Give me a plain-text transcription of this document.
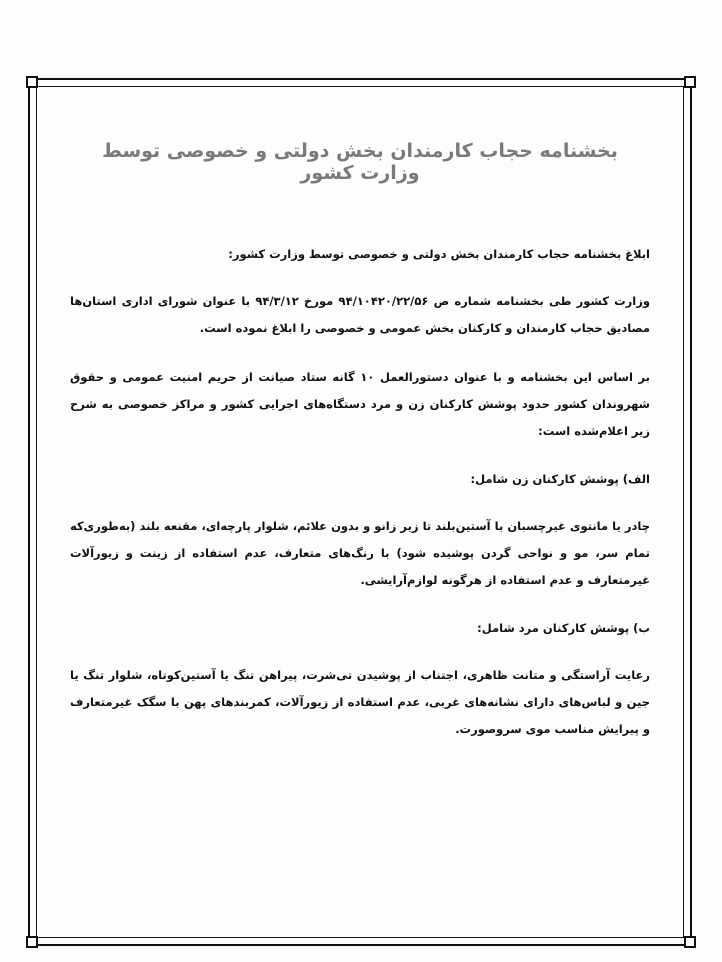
بخشنامه حجاب کارمندان بخش دولتی و خصوصی توسط وزارت کشور
ابلاغ بخشنامه حجاب کارمندان بخش دولتی و خصوصی توسط وزارت کشور:
وزارت کشور طی بخشنامه شماره ص ۹۴/۱۰۴۲۰/۲۲/۵۶ مورخ ۹۴/۳/۱۲ با عنوان شورای اداری استان‌ها مصادیق حجاب کارمندان و کارکنان بخش عمومی و خصوصی را ابلاغ نموده است.
بر اساس این بخشنامه و با عنوان دستورالعمل ۱۰ گانه ستاد صیانت از حریم امنیت عمومی و حقوق شهروندان کشور حدود پوشش کارکنان زن و مرد دستگاه‌های اجرایی کشور و مراکز خصوصی به شرح زیر اعلام‌شده است:
الف) پوشش کارکنان زن شامل:
چادر یا مانتوی غیرچسبان با آستین‌بلند تا زیر زانو و بدون علائم، شلوار پارچه‌ای، مقنعه بلند (به‌طوری‌که تمام سر، مو و نواحی گردن پوشیده شود) با رنگ‌های متعارف، عدم استفاده از زینت و زیورآلات غیرمتعارف و عدم استفاده از هرگونه لوازم‌آرایشی.
ب) پوشش کارکنان مرد شامل:
رعایت آراستگی و متانت ظاهری، اجتناب از پوشیدن تی‌شرت، پیراهن تنگ یا آستین‌کوتاه، شلوار تنگ یا جین و لباس‌های دارای نشانه‌های غربی، عدم استفاده از زیورآلات، کمربندهای پهن با سگک غیرمتعارف و پیرایش مناسب موی سروصورت.
